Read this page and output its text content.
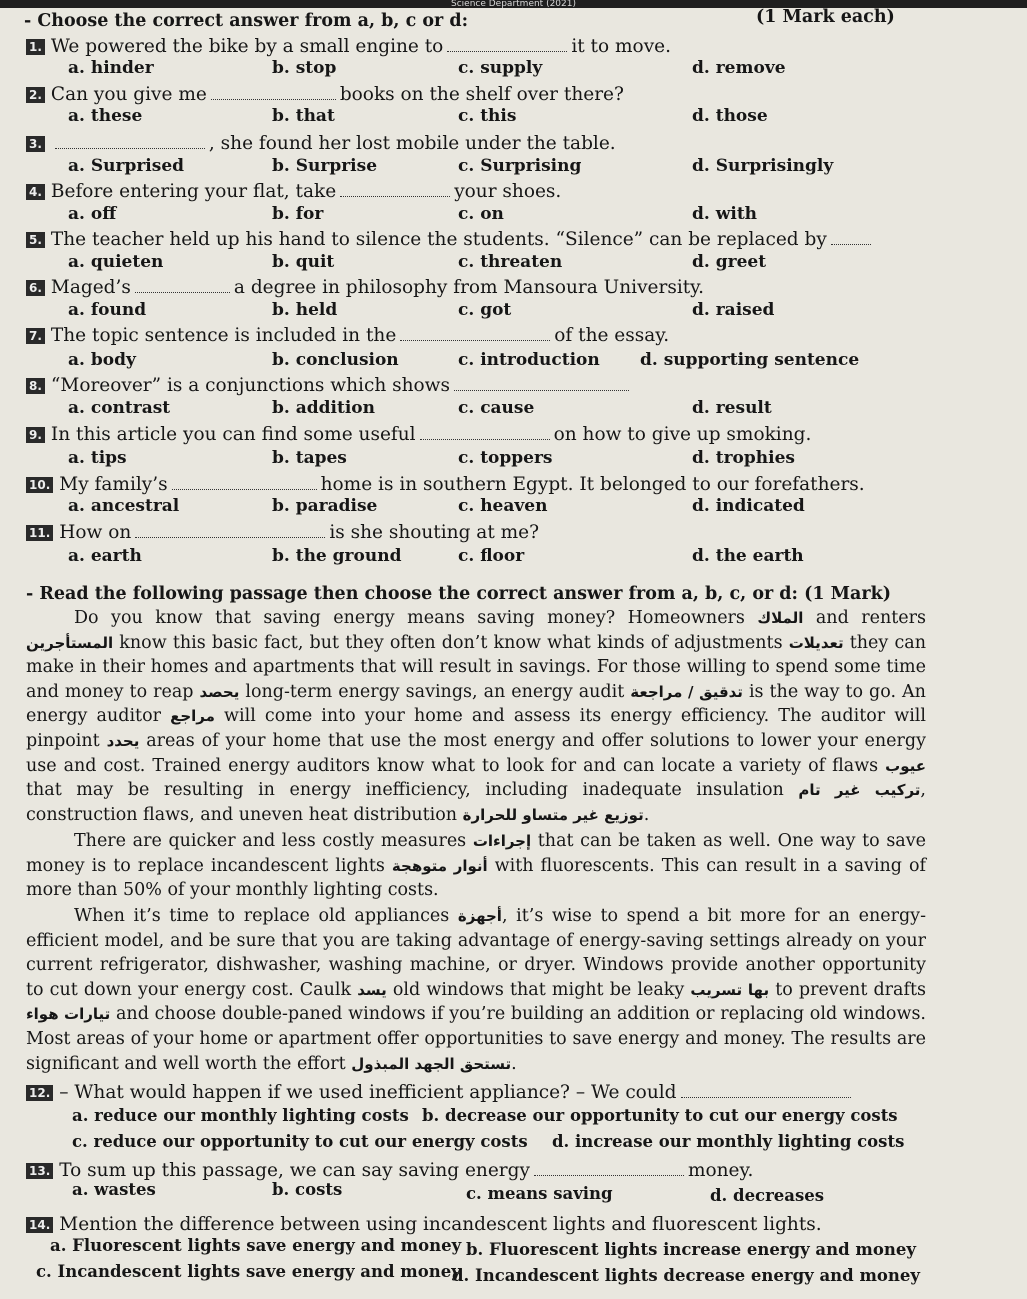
Science Department (2021)
- Choose the correct answer from a, b, c or d:	(1 Mark each)
1. We powered the bike by a small engine to	it to move.
a. hinder	b. stop	c. supply	d. remove
2. Can you give me	books on the shelf over there?
a. these	b. that	c. this	d. those
3.	, she found her lost mobile under the table.
a. Surprised	b. Surprise	c. Surprising	d. Surprisingly
4. Before entering your flat, take	your shoes.
a. off	b. for	c. on	d. with
5. The teacher held up his hand to silence the students. “Silence” can be replaced by
a. quieten	b. quit	c. threaten	d. greet
6. Maged’s	a degree in philosophy from Mansoura University.
a. found	b. held	c. got	d. raised
7. The topic sentence is included in the	of the essay.
a. body	b. conclusion	c. introduction d. supporting sentence
8. “Moreover” is a conjunctions which shows
a. contrast	b. addition	c. cause	d. result
9. In this article you can find some useful	on how to give up smoking.
a. tips	b. tapes	c. toppers	d. trophies
10. My family’s	home is in southern Egypt. It belonged to our forefathers.
a. ancestral	b. paradise	c. heaven	d. indicated
11. How on	is she shouting at me?
a. earth	b. the ground	c. floor	d. the earth
- Read the following passage then choose the correct answer from a, b, c, or d: (1 Mark)

Do you know that saving energy means saving money? Homeowners الملاك and renters المستأجرين know this basic fact, but they often don’t know what kinds of adjustments تعديلات they can make in their homes and apartments that will result in savings. For those willing to spend some time and money to reap يحصد long-term energy savings, an energy audit تدقيق / مراجعة is the way to go. An energy auditor مراجع will come into your home and assess its energy efficiency. The auditor will pinpoint يحدد areas of your home that use the most energy and offer solutions to lower your energy use and cost. Trained energy auditors know what to look for and can locate a variety of flaws عيوب that may be resulting in energy inefficiency, including inadequate insulation تركيب غير تام, construction flaws, and uneven heat distribution توزيع غير متساو للحرارة.

There are quicker and less costly measures إجراءات that can be taken as well. One way to save money is to replace incandescent lights أنوار متوهجة with fluorescents. This can result in a saving of more than 50% of your monthly lighting costs.

When it’s time to replace old appliances أجهزة, it’s wise to spend a bit more for an energy-efficient model, and be sure that you are taking advantage of energy-saving settings already on your current refrigerator, dishwasher, washing machine, or dryer. Windows provide another opportunity to cut down your energy cost. Caulk يسد old windows that might be leaky بها تسريب to prevent drafts تيارات هواء and choose double-paned windows if you’re building an addition or replacing old windows. Most areas of your home or apartment offer opportunities to save energy and money. The results are significant and well worth the effort تستحق الجهد المبذول.

12. – What would happen if we used inefficient appliance? – We could
13. To sum up this passage, we can say saving energy	money.
14. Mention the difference between using incandescent lights and fluorescent lights.
a. reduce our monthly lighting costs b. decrease our opportunity to cut our energy costs
c. reduce our opportunity to cut our energy costs d. increase our monthly lighting costs
a. wastes	b. costs	c. means saving	d. decreases
a. Fluorescent lights save energy and money b. Fluorescent lights increase energy and money
c. Incandescent lights save energy and money
d. Incandescent lights decrease energy and money
